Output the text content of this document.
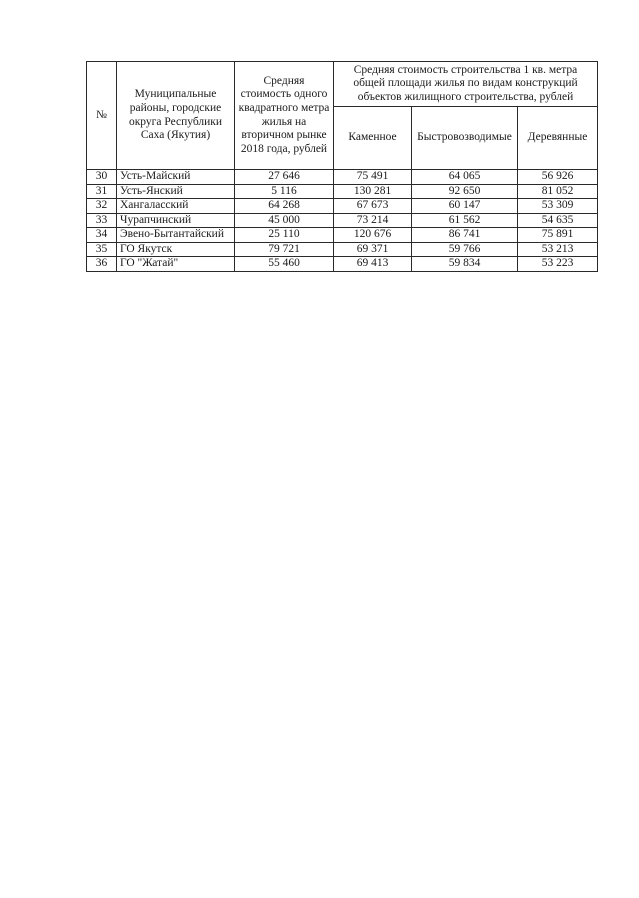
№	Муниципальные районы, городские округа Республики Саха (Якутия)	Средняя стоимость одного квадратного метра жилья на вторичном рынке 2018 года, рублей	Средняя стоимость строительства 1 кв. метра общей площади жилья по видам конструкций объектов жилищного строительства, рублей		
			Каменное	Быстровозводимые	Деревянные
30	Усть-Майский	27 646	75 491	64 065	56 926
31	Усть-Янский	5 116	130 281	92 650	81 052
32	Хангаласский	64 268	67 673	60 147	53 309
33	Чурапчинский	45 000	73 214	61 562	54 635
34	Эвено-Бытантайский	25 110	120 676	86 741	75 891
35	ГО Якутск	79 721	69 371	59 766	53 213
36	ГО "Жатай"	55 460	69 413	59 834	53 223
